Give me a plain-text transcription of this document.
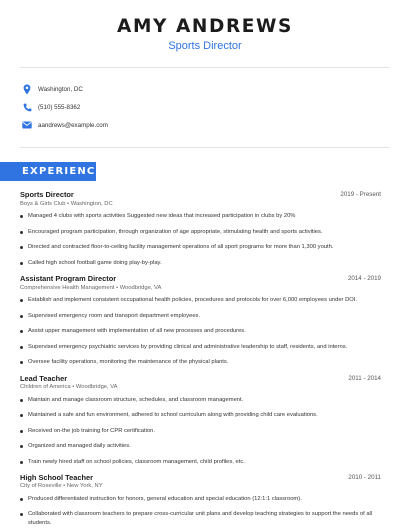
AMY ANDREWS
Sports Director
Washington, DC
(510) 555-8362
aandrews@example.com
EXPERIENCE
Sports Director	2019 - Present
Boys & Girls Club • Washington, DC
Managed 4 clubs with sports activities Suggested new ideas that increased participation in clubs by 20%
Encouraged program participation, through organization of age appropriate, stimulating health and sports activities.
Directed and contracted floor-to-ceiling facility management operations of all sport programs for more than 1,300 youth.
Called high school football game doing play-by-play.
Assistant Program Director	2014 - 2019
Comprehensive Health Management • Woodbridge, VA
Establish and implement consistent occupational health policies, procedures and protocols for over 6,000 employees under DOI.
Supervised emergency room and transport department employees.
Assist upper management with implementation of all new processes and procedures.
Supervised emergency psychiatric services by providing clinical and administrative leadership to staff, residents, and interns.
Oversee facility operations, monitoring the maintenance of the physical plants.
Lead Teacher	2011 - 2014
Children of America • Woodbridge, VA
Maintain and manage classroom structure, schedules, and classroom management.
Maintained a safe and fun environment, adhered to school curriculum along with providing child care evaluations.
Received on-the job training for CPR certification.
Organized and managed daily activities.
Train newly hired staff on school policies, classroom management, child profiles, etc.
High School Teacher	2010 - 2011
City of Roseville • New York, NY
Produced differentiated instruction for honors, general education and special education (12:1:1 classroom).
Collaborated with classroom teachers to prepare cross-curricular unit plans and develop teaching strategies to support the needs of all students.
